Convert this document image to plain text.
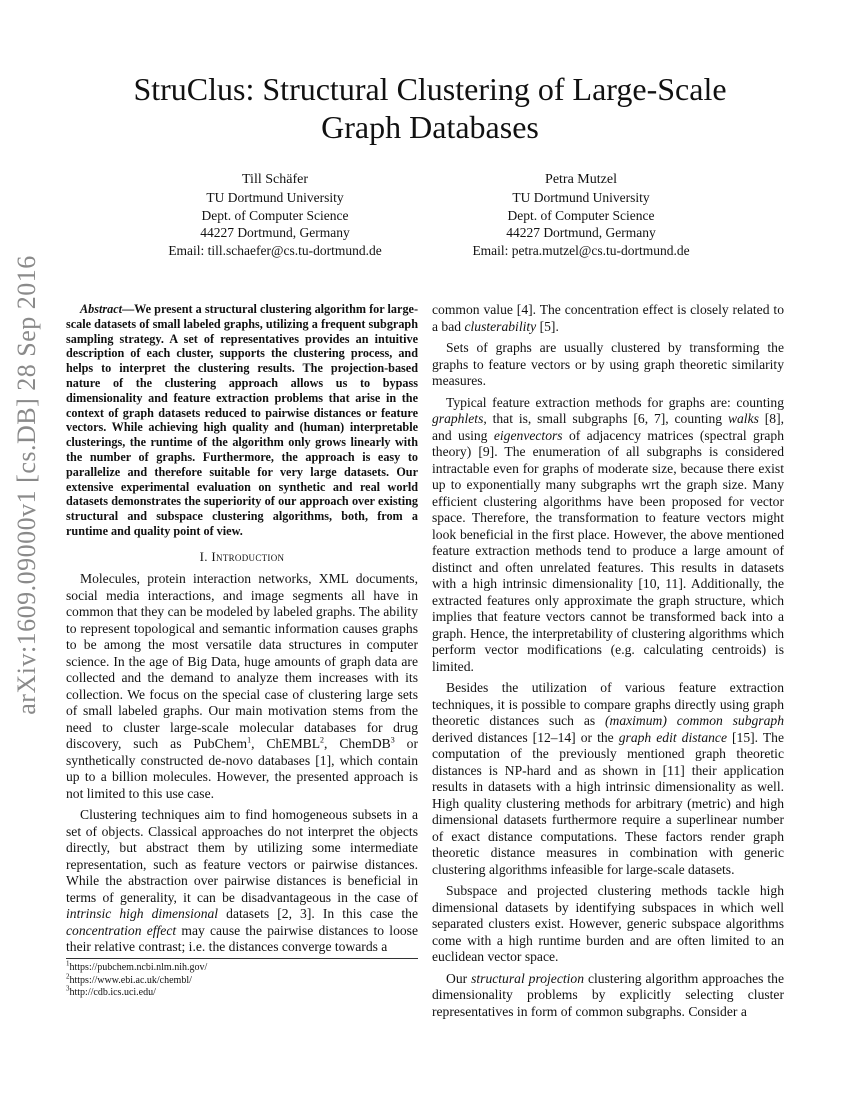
arXiv:1609.09000v1 [cs.DB] 28 Sep 2016
StruClus: Structural Clustering of Large-Scale
Graph Databases
Till Schäfer
TU Dortmund University
Dept. of Computer Science
44227 Dortmund, Germany
Email: till.schaefer@cs.tu-dortmund.de
Petra Mutzel
TU Dortmund University
Dept. of Computer Science
44227 Dortmund, Germany
Email: petra.mutzel@cs.tu-dortmund.de

Abstract—We present a structural clustering algorithm for large-scale datasets of small labeled graphs, utilizing a frequent subgraph sampling strategy. A set of representatives provides an intuitive description of each cluster, supports the clustering process, and helps to interpret the clustering results. The projection-based nature of the clustering approach allows us to bypass dimensionality and feature extraction problems that arise in the context of graph datasets reduced to pairwise distances or feature vectors. While achieving high quality and (human) interpretable clusterings, the runtime of the algorithm only grows linearly with the number of graphs. Furthermore, the approach is easy to parallelize and therefore suitable for very large datasets. Our extensive experimental evaluation on synthetic and real world datasets demonstrates the superiority of our approach over existing structural and subspace clustering algorithms, both, from a runtime and quality point of view.

I. Introduction

Molecules, protein interaction networks, XML documents, social media interactions, and image segments all have in common that they can be modeled by labeled graphs. The ability to represent topological and semantic information causes graphs to be among the most versatile data structures in computer science. In the age of Big Data, huge amounts of graph data are collected and the demand to analyze them increases with its collection. We focus on the special case of clustering large sets of small labeled graphs. Our main motivation stems from the need to cluster large-scale molecular databases for drug discovery, such as PubChem$^1$, ChEMBL$^2$, ChemDB$^3$ or synthetically constructed de-novo databases [1], which contain up to a billion molecules. However, the presented approach is not limited to this use case.

Clustering techniques aim to find homogeneous subsets in a set of objects. Classical approaches do not interpret the objects directly, but abstract them by utilizing some intermediate representation, such as feature vectors or pairwise distances. While the abstraction over pairwise distances is beneficial in terms of generality, it can be disadvantageous in the case of intrinsic high dimensional datasets [2, 3]. In this case the concentration effect may cause the pairwise distances to loose their relative contrast; i.e. the distances converge towards a

$^1$https://pubchem.ncbi.nlm.nih.gov/
$^2$https://www.ebi.ac.uk/chembl/
$^3$http://cdb.ics.uci.edu/

common value [4]. The concentration effect is closely related to a bad clusterability [5].

Sets of graphs are usually clustered by transforming the graphs to feature vectors or by using graph theoretic similarity measures.

Typical feature extraction methods for graphs are: counting graphlets, that is, small subgraphs [6, 7], counting walks [8], and using eigenvectors of adjacency matrices (spectral graph theory) [9]. The enumeration of all subgraphs is considered intractable even for graphs of moderate size, because there exist up to exponentially many subgraphs wrt the graph size. Many efficient clustering algorithms have been proposed for vector space. Therefore, the transformation to feature vectors might look beneficial in the first place. However, the above mentioned feature extraction methods tend to produce a large amount of distinct and often unrelated features. This results in datasets with a high intrinsic dimensionality [10, 11]. Additionally, the extracted features only approximate the graph structure, which implies that feature vectors cannot be transformed back into a graph. Hence, the interpretability of clustering algorithms which perform vector modifications (e.g. calculating centroids) is limited.

Besides the utilization of various feature extraction techniques, it is possible to compare graphs directly using graph theoretic distances such as (maximum) common subgraph derived distances [12–14] or the graph edit distance [15]. The computation of the previously mentioned graph theoretic distances is NP-hard and as shown in [11] their application results in datasets with a high intrinsic dimensionality as well. High quality clustering methods for arbitrary (metric) and high dimensional datasets furthermore require a superlinear number of exact distance computations. These factors render graph theoretic distance measures in combination with generic clustering algorithms infeasible for large-scale datasets.

Subspace and projected clustering methods tackle high dimensional datasets by identifying subspaces in which well separated clusters exist. However, generic subspace algorithms come with a high runtime burden and are often limited to an euclidean vector space.

Our structural projection clustering algorithm approaches the dimensionality problems by explicitly selecting cluster representatives in form of common subgraphs. Consider a
